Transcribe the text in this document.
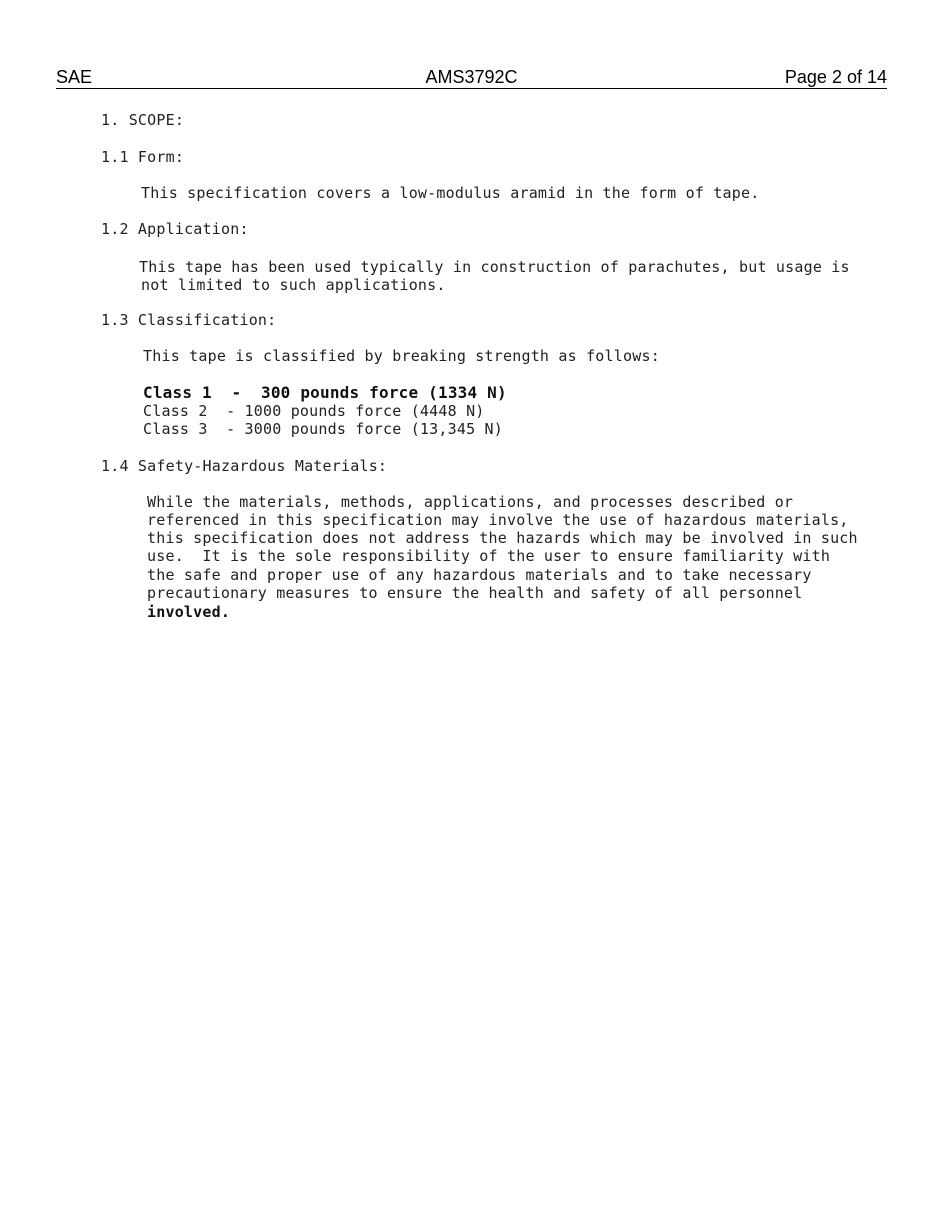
SAE	AMS3792C	Page 2 of 14

1. SCOPE:

1.1 Form:

This specification covers a low-modulus aramid in the form of tape.

1.2 Application:

This tape has been used typically in construction of parachutes, but usage is

not limited to such applications.

1.3 Classification:

This tape is classified by breaking strength as follows:

Class 1  -  300 pounds force (1334 N)

Class 2  - 1000 pounds force (4448 N)

Class 3  - 3000 pounds force (13,345 N)

1.4 Safety-Hazardous Materials:

While the materials, methods, applications, and processes described or

referenced in this specification may involve the use of hazardous materials,

this specification does not address the hazards which may be involved in such

use.  It is the sole responsibility of the user to ensure familiarity with

the safe and proper use of any hazardous materials and to take necessary

precautionary measures to ensure the health and safety of all personnel

involved.
